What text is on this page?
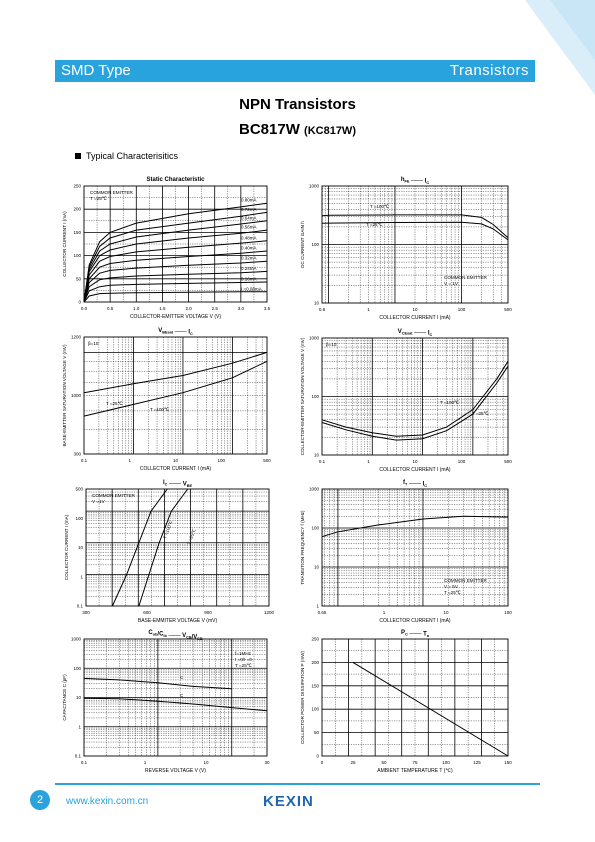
SMD Type	Transistors
NPN Transistors
BC817W (KC817W)
Typical Characterisitics
0.0	0.5	1.0	1.5	2.0	2.5	3.0	3.5
0
50
100
150
200
250
Static Characteristic
COLLECTOR-EMITTER VOLTAGE V (V)
COLLECTOR CURRENT I (mA)
COMMON EMITTER
T =25℃	0.80mA
0.72mA
0.64mA
0.56mA
0.48mA
0.40mA
0.32mA
0.24mA
0.16mA
I =0.08mA
0.8	1	10	100	500
10
100
1000
$h_{FE}$ —— $I_C$
COLLECTOR CURRENT I (mA)
DC CURRENT GAIN h
COMMON EMITTER
V = 1V
T =100℃
T =25℃
0.1	1	10	100	500
300
1000
1200
$V_{BEsat}$ —— $I_C$
COLLECTOR CURRENT I (mA)
BASE-EMITTER SATURATION VOLTAGE V (mV)
β=10
T =25℃
T =100℃
0.1	1	10	100	500
10
100
1000
$V_{CEsat}$ —— $I_C$
COLLECTOR CURRENT I (mA)
COLLECTOR-EMITTER SATURATION VOLTAGE V (mV)	β=10
T =100℃
T =25℃
300	600	900	1200
0.1
1
10
100
500
$I_C$ —— $V_{BE}$
BASE-EMMITER VOLTAGE V (mV)
COLLECTOR CURRENT I (mA)
COMMON EMITTER
V =1V
T =100℃	T =25℃
0.65	1	10	100
1
10
100
1000
$f_T$ —— $I_C$
COLLECTOR CURRENT I (mA)
TRANSITION FREQUENCY f (MHz)	COMMON EMITTER
V = 5V
T =25℃
0.1	1	10	30
0.1
1
10
100
1000
$C_{ob}/C_{ib}$ —— $V_{CB}/V_{EB}$
REVERSE VOLTAGE V (V)
CAPACITANCE C (pF)
f=1MHz
I =0/I =0
T =25℃
C
C
0	25	50	75	100	125	150
0
50
100
150
200
250
$P_C$ —— $T_a$
AMBIENT TEMPERATURE T (℃)
COLLECTOR POWER DISSIPATION P (mW)
2	www.kexin.com.cn	KEXIN
